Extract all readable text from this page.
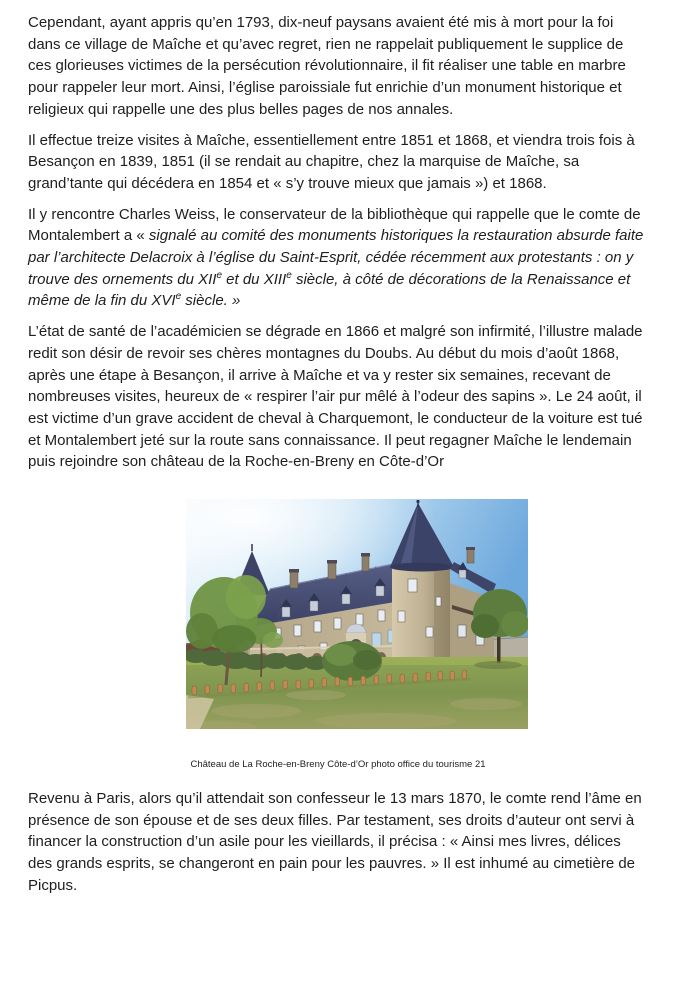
Cependant, ayant appris qu’en 1793, dix-neuf paysans avaient été mis à mort pour la foi dans ce village de Maîche et qu’avec regret, rien ne rappelait publiquement le supplice de ces glorieuses victimes de la persécution révolutionnaire, il fit réaliser une table en marbre pour rappeler leur mort. Ainsi, l’église paroissiale fut enrichie d’un monument historique et religieux qui rappelle une des plus belles pages de nos annales.

Il effectue treize visites à Maîche, essentiellement entre 1851 et 1868, et viendra trois fois à Besançon en 1839, 1851 (il se rendait au chapitre, chez la marquise de Maîche, sa grand’tante qui décédera en 1854 et « s’y trouve mieux que jamais ») et 1868.

Il y rencontre Charles Weiss, le conservateur de la bibliothèque qui rappelle que le comte de Montalembert a « signalé au comité des monuments historiques la restauration absurde faite par l’architecte Delacroix à l’église du Saint-Esprit, cédée récemment aux protestants : on y trouve des ornements du XIIe et du XIIIe siècle, à côté de décorations de la Renaissance et même de la fin du XVIe siècle. »

L’état de santé de l’académicien se dégrade en 1866 et malgré son infirmité, l’illustre malade redit son désir de revoir ses chères montagnes du Doubs. Au début du mois d’août 1868, après une étape à Besançon, il arrive à Maîche et va y rester six semaines, recevant de nombreuses visites, heureux de « respirer l’air pur mêlé à l’odeur des sapins ». Le 24 août, il est victime d’un grave accident de cheval à Charquemont, le conducteur de la voiture est tué et Montalembert jeté sur la route sans connaissance. Il peut regagner Maîche le lendemain puis rejoindre son château de la Roche-en-Breny en Côte-d’Or

Château de La Roche-en-Breny Côte-d’Or photo office du tourisme 21

Revenu à Paris, alors qu’il attendait son confesseur le 13 mars 1870, le comte rend l’âme en présence de son épouse et de ses deux filles. Par testament, ses droits d’auteur ont servi à financer la construction d’un asile pour les vieillards, il précisa : « Ainsi mes livres, délices des grands esprits, se changeront en pain pour les pauvres. » Il est inhumé au cimetière de Picpus.
